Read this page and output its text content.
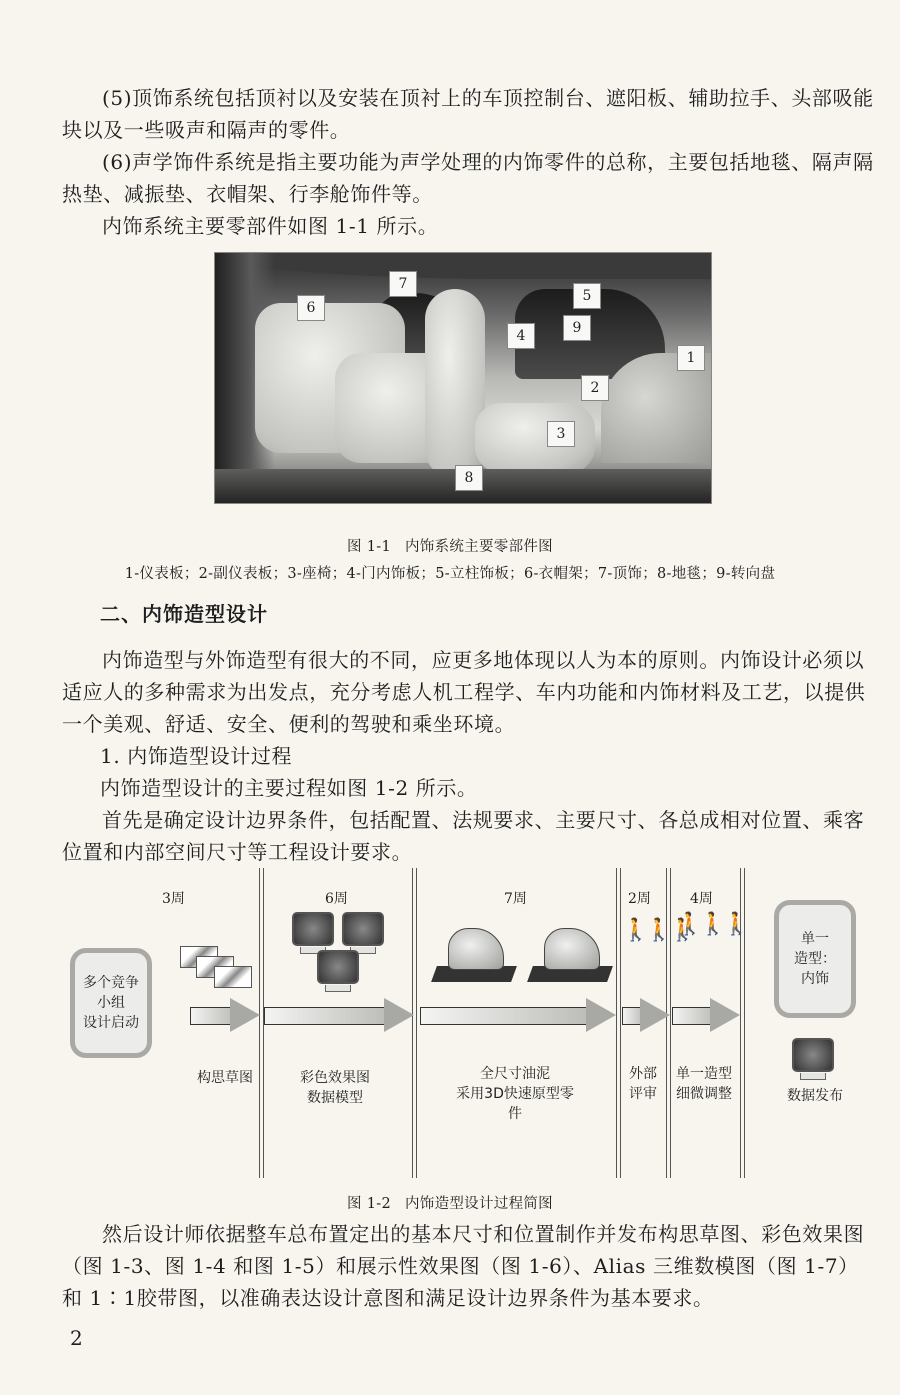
(5)顶饰系统包括顶衬以及安装在顶衬上的车顶控制台、遮阳板、辅助拉手、头部吸能块以及一些吸声和隔声的零件。

(6)声学饰件系统是指主要功能为声学处理的内饰零件的总称，主要包括地毯、隔声隔热垫、减振垫、衣帽架、行李舱饰件等。

内饰系统主要零部件如图 1-1 所示。

1
2
3
4
5
6
7
8
9
图 1-1 内饰系统主要零部件图
1-仪表板；2-副仪表板；3-座椅；4-门内饰板；5-立柱饰板；6-衣帽架；7-顶饰；8-地毯；9-转向盘
二、内饰造型设计

内饰造型与外饰造型有很大的不同，应更多地体现以人为本的原则。内饰设计必须以适应人的多种需求为出发点，充分考虑人机工程学、车内功能和内饰材料及工艺，以提供一个美观、舒适、安全、便利的驾驶和乘坐环境。

1. 内饰造型设计过程
内饰造型设计的主要过程如图 1-2 所示。

首先是确定设计边界条件，包括配置、法规要求、主要尺寸、各总成相对位置、乘客位置和内部空间尺寸等工程设计要求。

多个竞争
小组
设计启动
单一
造型：
内饰
3周	6周	7周	2周	4周
🚶🚶🚶
🚶🚶🚶
构思草图	彩色效果图
数据模型
全尺寸油泥
采用3D快速原型零
件
外部
评审
单一造型
细微调整	数据发布
图 1-2 内饰造型设计过程简图

然后设计师依据整车总布置定出的基本尺寸和位置制作并发布构思草图、彩色效果图（图 1-3、图 1-4 和图 1-5）和展示性效果图（图 1-6）、Alias 三维数模图（图 1-7）和 1∶1胶带图，以准确表达设计意图和满足设计边界条件为基本要求。

2
